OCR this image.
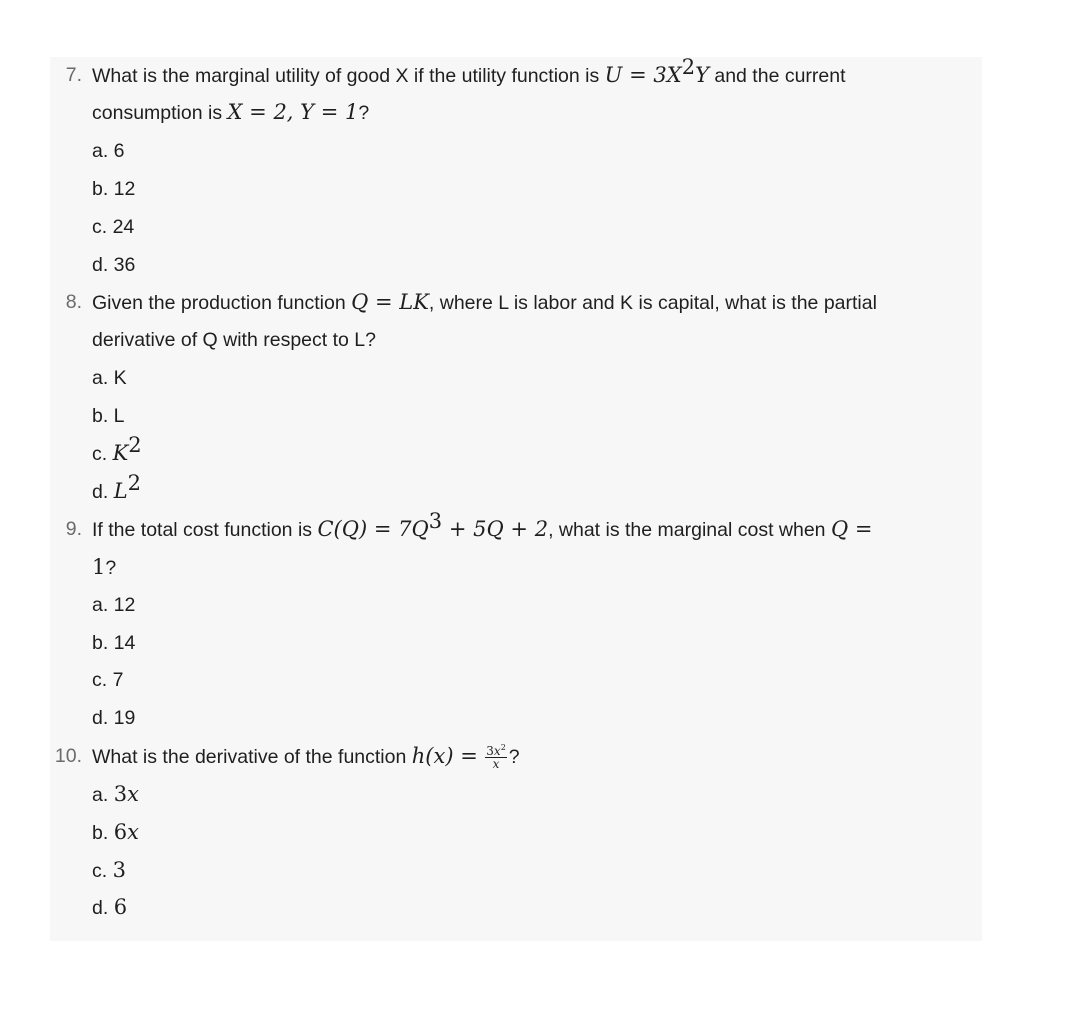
7. What is the marginal utility of good X if the utility function is $U = 3X^2Y$ and the current
consumption is X = 2, Y = 1?
a. 6
b. 12
c. 24
d. 36
8. Given the production function Q = LK, where L is labor and K is capital, what is the partial
derivative of Q with respect to L?
a. K
b. L
c. $K^2$
d. $L^2$
9. If the total cost function is $C(Q) = 7Q^3 + 5Q + 2$, what is the marginal cost when Q =
1?
a. 12
b. 14
c. 7
d. 19
10. What is the derivative of the function $h(x) = \frac{3x^2}{x}$ ?
a. 3x
b. 6x
c. 3
d. 6
